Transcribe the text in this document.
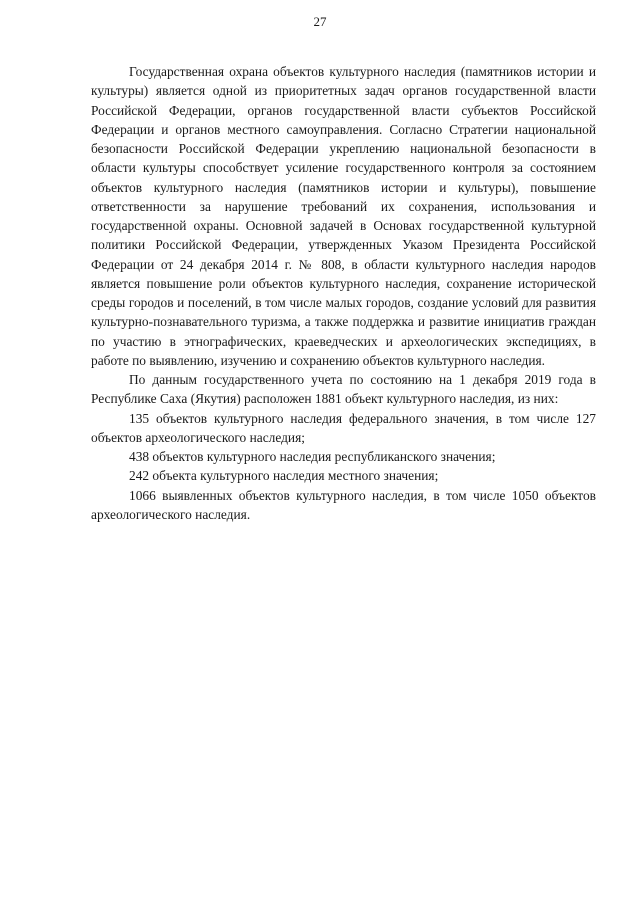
27

Государственная охрана объектов культурного наследия (памятников истории и культуры) является одной из приоритетных задач органов государственной власти Российской Федерации, органов государственной власти субъектов Российской Федерации и органов местного самоуправления. Согласно Стратегии национальной безопасности Российской Федерации укреплению национальной безопасности в области культуры способствует усиление государственного контроля за состоянием объектов культурного наследия (памятников истории и культуры), повышение ответственности за нарушение требований их сохранения, использования и государственной охраны. Основной задачей в Основах государственной культурной политики Российской Федерации, утвержденных Указом Президента Российской Федерации от 24 декабря 2014 г. № 808, в области культурного наследия народов является повышение роли объектов культурного наследия, сохранение исторической среды городов и поселений, в том числе малых городов, создание условий для развития культурно-познавательного туризма, а также поддержка и развитие инициатив граждан по участию в этнографических, краеведческих и археологических экспедициях, в работе по выявлению, изучению и сохранению объектов культурного наследия.

По данным государственного учета по состоянию на 1 декабря 2019 года в Республике Саха (Якутия) расположен 1881 объект культурного наследия, из них:

135 объектов культурного наследия федерального значения, в том числе 127 объектов археологического наследия;

438 объектов культурного наследия республиканского значения;

242 объекта культурного наследия местного значения;

1066 выявленных объектов культурного наследия, в том числе 1050 объектов археологического наследия.
